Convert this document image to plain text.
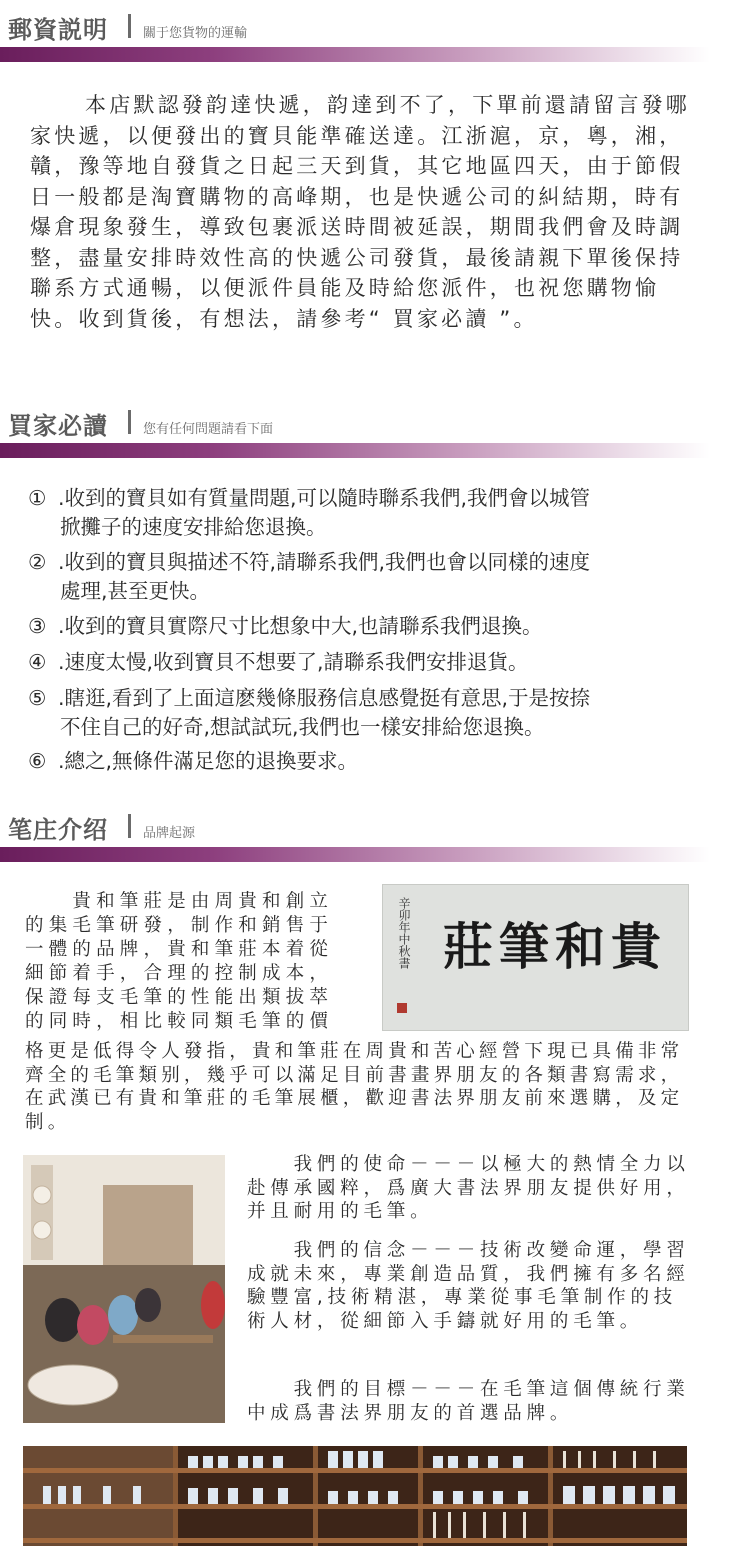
郵資説明	關于您貨物的運輸

本店默認發韵達快遞，韵達到不了，下單前還請留言發哪家快遞，以便發出的寶貝能準確送達。江浙滬，京，粵，湘，贛，豫等地自發貨之日起三天到貨，其它地區四天，由于節假日一般都是淘寶購物的高峰期，也是快遞公司的糾結期，時有爆倉現象發生，導致包裹派送時間被延誤，期間我們會及時調整，盡量安排時效性高的快遞公司發貨，最後請親下單後保持聯系方式通暢，以便派件員能及時給您派件，也祝您購物愉快。收到貨後，有想法，請參考“ 買家必讀 ”。

買家必讀	您有任何問題請看下面
① .收到的寶貝如有質量問題,可以隨時聯系我們,我們會以城管
掀攤子的速度安排給您退換。
② .收到的寶貝與描述不符,請聯系我們,我們也會以同樣的速度
處理,甚至更快。
③ .收到的寶貝實際尺寸比想象中大,也請聯系我們退換。
④ .速度太慢,收到寶貝不想要了,請聯系我們安排退貨。
⑤ .瞎逛,看到了上面這麽幾條服務信息感覺挺有意思,于是按捺
不住自己的好奇,想試試玩,我們也一樣安排給您退換。
⑥ .總之,無條件滿足您的退換要求。
笔庄介绍	品牌起源
　　貴和筆莊是由周貴和創立
的集毛筆研發，制作和銷售于
一體的品牌，貴和筆莊本着從
細節着手，合理的控制成本，
保證每支毛筆的性能出類拔萃
的同時，相比較同類毛筆的價
格更是低得令人發指，貴和筆莊在周貴和苦心經營下現已具備非常齊全的毛筆類别，幾乎可以滿足目前書畫界朋友的各類書寫需求，在武漢已有貴和筆莊的毛筆展櫃，歡迎書法界朋友前來選購，及定制。
貴和筆莊
辛卯年中秋書
　　我們的使命－－－以極大的熱情全力以赴傳承國粹，爲廣大書法界朋友提供好用，并且耐用的毛筆。
　　我們的信念－－－技術改變命運，學習成就未來，專業創造品質，我們擁有多名經驗豐富,技術精湛，專業從事毛筆制作的技術人材，從細節入手鑄就好用的毛筆。
　　我們的目標－－－在毛筆這個傳統行業中成爲書法界朋友的首選品牌。
